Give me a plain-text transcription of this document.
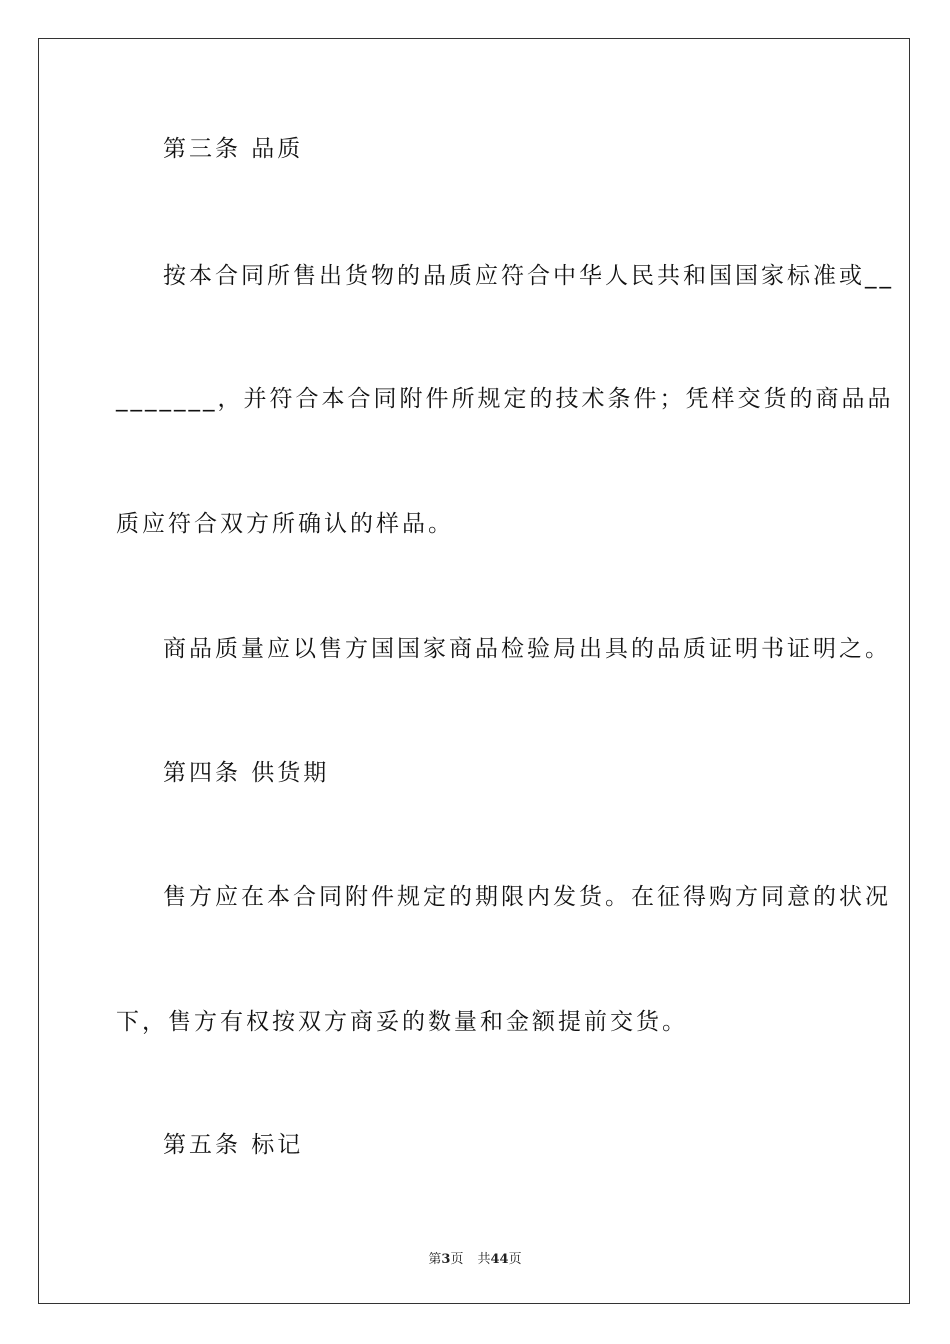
第三条 品质
按本合同所售出货物的品质应符合中华人民共和国国家标准或__
_______，并符合本合同附件所规定的技术条件；凭样交货的商品品
质应符合双方所确认的样品。
商品质量应以售方国国家商品检验局出具的品质证明书证明之。
第四条 供货期
售方应在本合同附件规定的期限内发货。在征得购方同意的状况
下，售方有权按双方商妥的数量和金额提前交货。
第五条 标记
第3页 共44页
